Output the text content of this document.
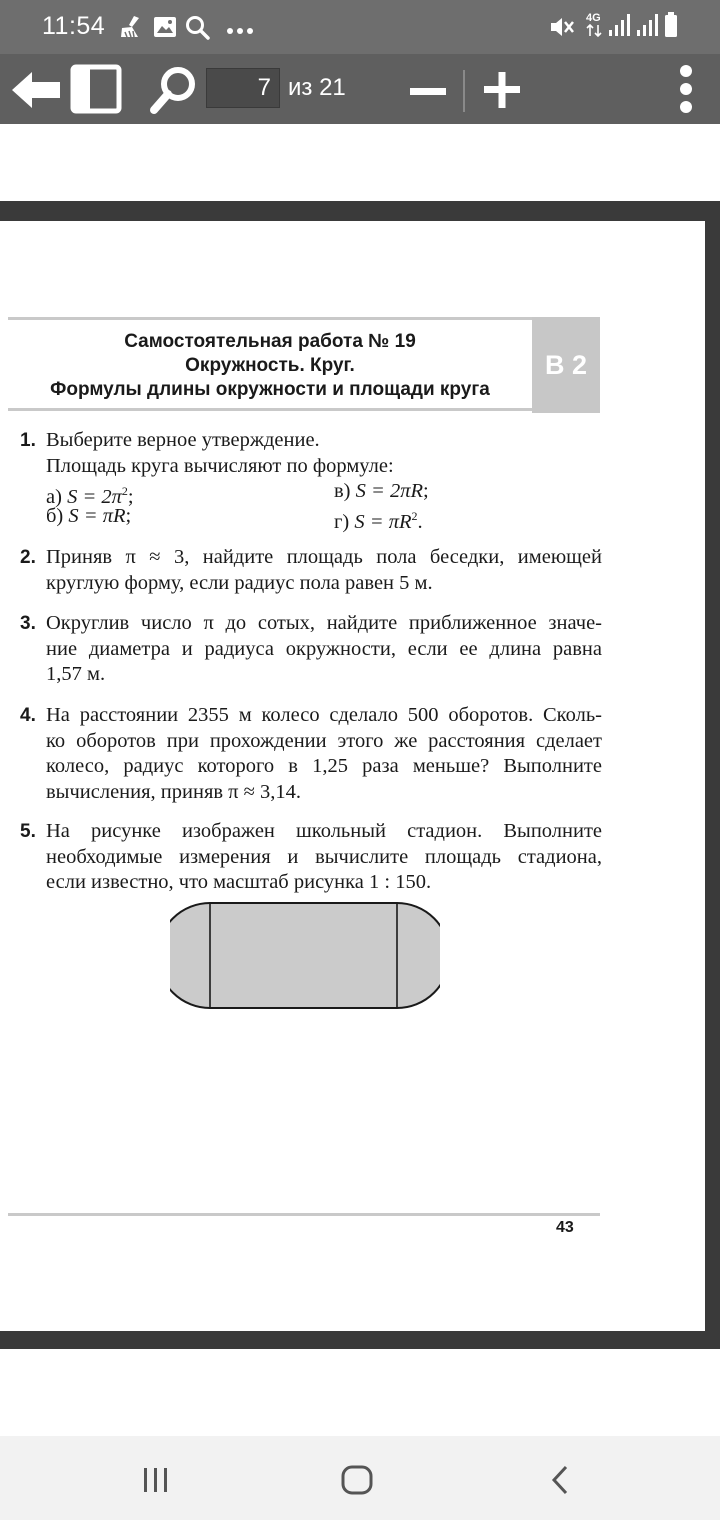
11:54	4G
7 из 21
Самостоятельная работа № 19
Окружность. Круг.
Формулы длины окружности и площади круга
В 2
1. Выберите верное утверждение.
Площадь круга вычисляют по формуле:
а) $S = 2\pi^2$;
б) S = πR;
в) S = 2πR;
г) $S = \pi R^2$.
2. Приняв π ≈ 3, найдите площадь пола беседки, имеющей
круглую форму, если радиус пола равен 5 м.
3. Округлив число π до сотых, найдите приближенное значе-
ние диаметра и радиуса окружности, если ее длина равна
1,57 м.
4. На расстоянии 2355 м колесо сделало 500 оборотов. Сколь-
ко оборотов при прохождении этого же расстояния сделает
колесо, радиус которого в 1,25 раза меньше? Выполните
вычисления, приняв π ≈ 3,14.
5. На рисунке изображен школьный стадион. Выполните
необходимые измерения и вычислите площадь стадиона,
если известно, что масштаб рисунка 1 : 150.
43
